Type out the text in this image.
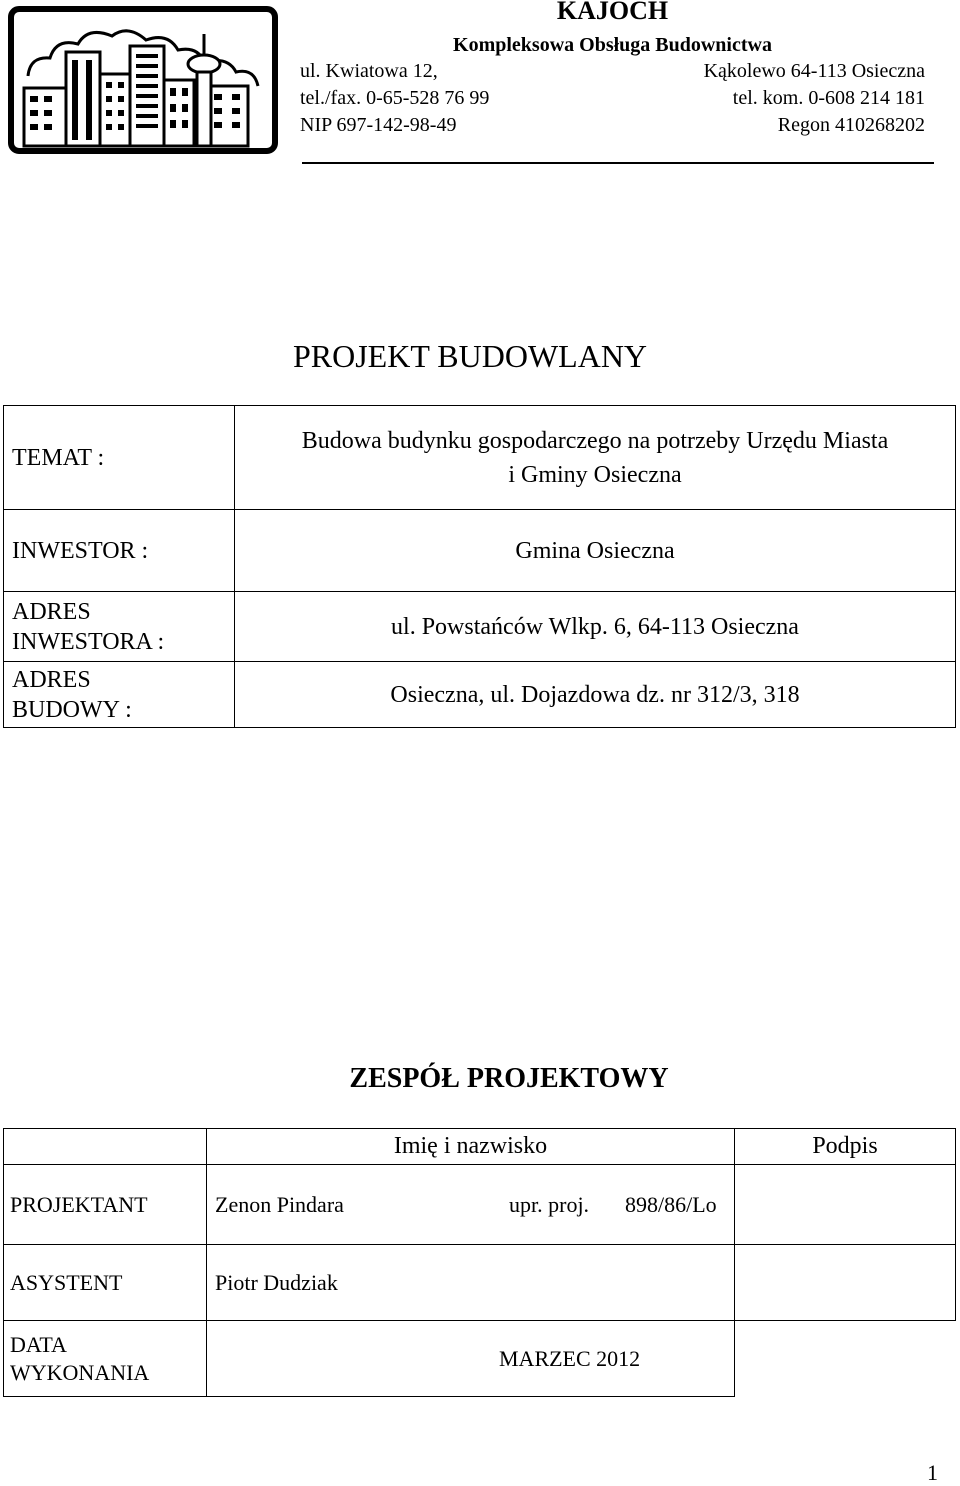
KAJOCH
Kompleksowa Obsługa Budownictwa
ul. Kwiatowa 12,	Kąkolewo 64-113 Osieczna
tel./fax. 0-65-528 76 99	tel. kom. 0-608 214 181
NIP 697-142-98-49	Regon 410268202
PROJEKT BUDOWLANY
TEMAT :	Budowa budynku gospodarczego na potrzeby Urzędu Miasta
i Gminy Osieczna

INWESTOR :	Gmina Osieczna

ADRES
INWESTORA :	ul. Powstańców Wlkp. 6, 64-113 Osieczna

ADRES
BUDOWY :	Osieczna, ul. Dojazdowa dz. nr 312/3, 318
ZESPÓŁ PROJEKTOWY
	Imię i nazwisko	Podpis
PROJEKTANT	Zenon Pindara upr. proj. 898/86/Lo	
ASYSTENT	Piotr Dudziak	

DATA
WYKONANIA	MARZEC 2012	
1
